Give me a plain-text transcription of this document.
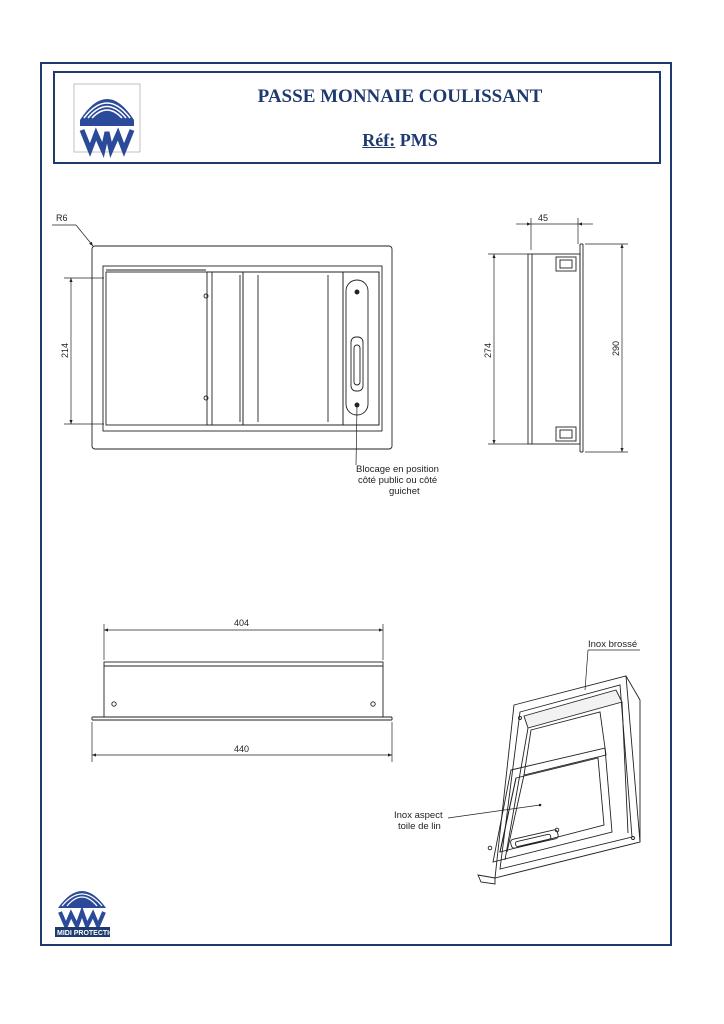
PASSE MONNAIE COULISSANT
Réf: PMS
R6
214
Blocage en position
côté public ou côté
guichet
45
274	290
404
440
Inox brossé
Inox aspect
toile de lin
MIDI PROTECTION
